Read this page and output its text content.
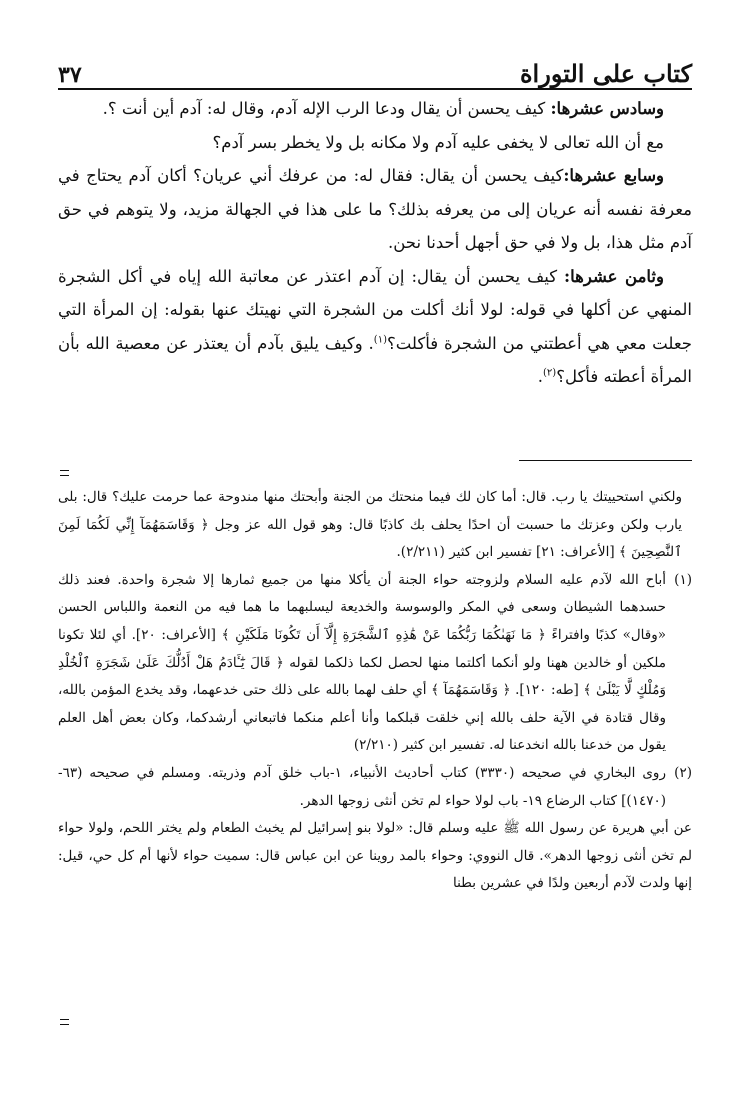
كتاب على التوراة
٣٧

وسادس عشرها: كيف يحسن أن يقال ودعا الرب الإله آدم، وقال له: آدم أين أنت ؟.

مع أن الله تعالى لا يخفى عليه آدم ولا مكانه بل ولا يخطر بسر آدم؟

وسابع عشرها:كيف يحسن أن يقال: فقال له: من عرفك أني عريان؟ أكان آدم يحتاج في معرفة نفسه أنه عريان إلى من يعرفه بذلك؟ ما على هذا في الجهالة مزيد، ولا يتوهم في حق آدم مثل هذا، بل ولا في حق أجهل أحدنا نحن.

وثامن عشرها: كيف يحسن أن يقال: إن آدم اعتذر عن معاتبة الله إياه في أكل الشجرة المنهي عن أكلها في قوله: لولا أنك أكلت من الشجرة التي نهيتك عنها بقوله: إن المرأة التي جعلت معي هي أعطتني من الشجرة فأكلت؟$^{(١)}$. وكيف يليق بآدم أن يعتذر عن معصية الله بأن المرأة أعطته فأكل؟$^{(٢)}$.

ولكني استحييتك يا رب. قال: أما كان لك فيما منحتك من الجنة وأبحتك منها مندوحة عما حرمت عليك؟ قال: بلى يارب ولكن وعزتك ما حسبت أن احدًا يحلف بك كاذبًا قال: وهو قول الله عز وجل ﴿ وَقَاسَمَهُمَآ إِنِّي لَكُمَا لَمِنَ ٱلنَّٰصِحِينَ ﴾ [الأعراف: ٢١] تفسير ابن كثير (٢/٢١١).

(١)

أباح الله لآدم عليه السلام ولزوجته حواء الجنة أن يأكلا منها من جميع ثمارها إلا شجرة واحدة. فعند ذلك حسدهما الشيطان وسعى في المكر والوسوسة والخديعة ليسلبهما ما هما فيه من النعمة واللباس الحسن «وقال» كذبًا وافتراءً ﴿ مَا نَهَىٰكُمَا رَبُّكُمَا عَنْ هَٰذِهِ ٱلشَّجَرَةِ إِلَّآ أَن تَكُونَا مَلَكَيْنِ ﴾ [الأعراف: ٢٠]. أي لئلا تكونا ملكين أو خالدين ههنا ولو أنكما أكلتما منها لحصل لكما ذلكما لقوله ﴿ قَالَ يَٰٓـَٔادَمُ هَلْ أَدُلُّكَ عَلَىٰ شَجَرَةِ ٱلْخُلْدِ وَمُلْكٍ لَّا يَبْلَىٰ ﴾ [طه: ١٢٠]. ﴿ وَقَاسَمَهُمَآ ﴾ أي حلف لهما بالله على ذلك حتى خدعهما، وقد يخدع المؤمن بالله، وقال قتادة في الآية حلف بالله إني خلقت قبلكما وأنا أعلم منكما فاتبعاني أرشدكما، وكان بعض أهل العلم يقول من خدعنا بالله انخدعنا له. تفسير ابن كثير (٢/٢١٠)

(٢)

روى البخاري في صحيحه (٣٣٣٠) كتاب أحاديث الأنبياء، ١-باب خلق آدم وذريته. ومسلم في صحيحه (٦٣-(١٤٧٠)] كتاب الرضاع ١٩- باب لولا حواء لم تخن أنثى زوجها الدهر.

عن أبي هريرة عن رسول الله ﷺ عليه وسلم قال: «لولا بنو إسرائيل لم يخبث الطعام ولم يختر اللحم، ولولا حواء لم تخن أنثى زوجها الدهر». قال النووي: وحواء بالمد روينا عن ابن عباس قال: سميت حواء لأنها أم كل حي، قيل: إنها ولدت لآدم أربعين ولدًا في عشرين بطنا
